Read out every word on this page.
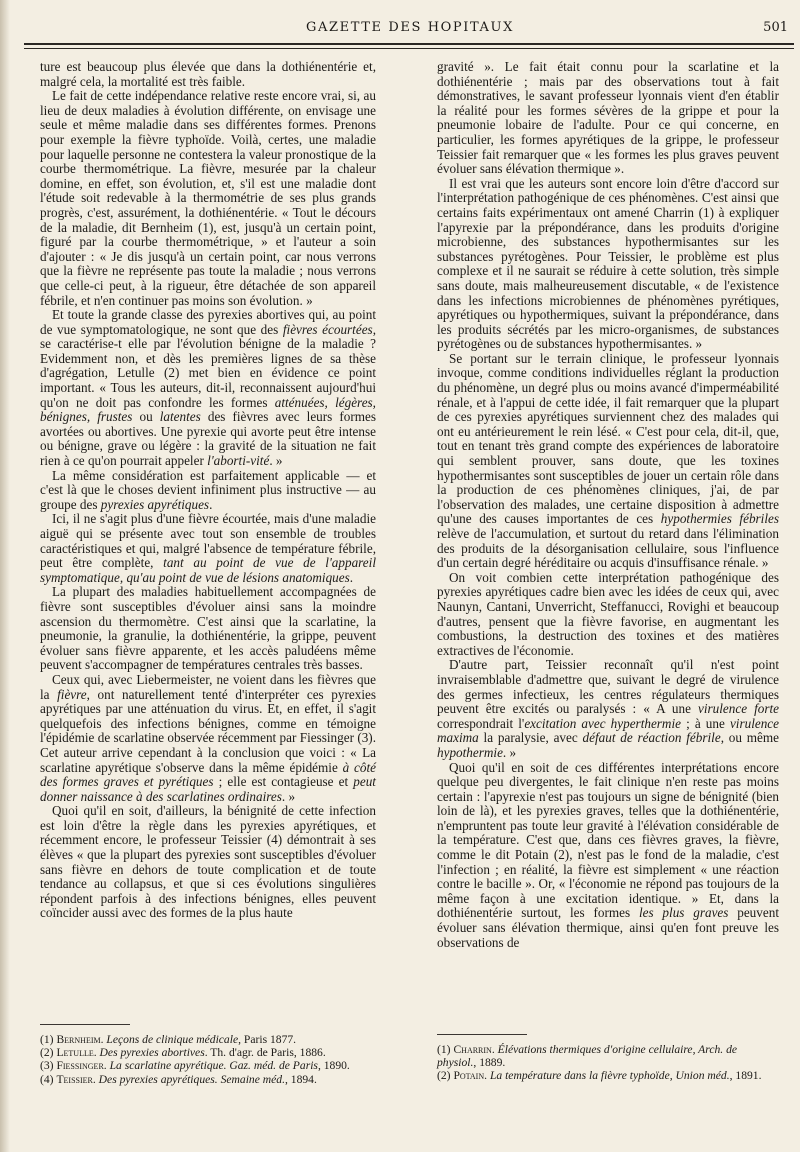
GAZETTE DES HOPITAUX	501

ture est beaucoup plus élevée que dans la dothiénentérie et, malgré cela, la mortalité est très faible.

Le fait de cette indépendance relative reste encore vrai, si, au lieu de deux maladies à évolution différente, on envisage une seule et même maladie dans ses différentes formes. Prenons pour exemple la fièvre typhoïde. Voilà, certes, une maladie pour laquelle personne ne contestera la valeur pronostique de la courbe thermométrique. La fièvre, mesurée par la chaleur domine, en effet, son évolution, et, s'il est une maladie dont l'étude soit redevable à la thermométrie de ses plus grands progrès, c'est, assurément, la dothiénentérie. « Tout le décours de la maladie, dit Bernheim (1), est, jusqu'à un certain point, figuré par la courbe thermométrique, » et l'auteur a soin d'ajouter : « Je dis jusqu'à un certain point, car nous verrons que la fièvre ne représente pas toute la maladie ; nous verrons que celle-ci peut, à la rigueur, être détachée de son appareil fébrile, et n'en continuer pas moins son évolution. »

Et toute la grande classe des pyrexies abortives qui, au point de vue symptomatologique, ne sont que des fièvres écourtées, se caractérise-t elle par l'évolution bénigne de la maladie ? Evidemment non, et dès les premières lignes de sa thèse d'agrégation, Letulle (2) met bien en évidence ce point important. « Tous les auteurs, dit-il, reconnaissent aujourd'hui qu'on ne doit pas confondre les formes atténuées, légères, bénignes, frustes ou latentes des fièvres avec leurs formes avortées ou abortives. Une pyrexie qui avorte peut être intense ou bénigne, grave ou légère : la gravité de la situation ne fait rien à ce qu'on pourrait appeler l'aborti-vité. »

La même considération est parfaitement applicable — et c'est là que le choses devient infiniment plus instructive — au groupe des pyrexies apyrétiques.

Ici, il ne s'agit plus d'une fièvre écourtée, mais d'une maladie aiguë qui se présente avec tout son ensemble de troubles caractéristiques et qui, malgré l'absence de température fébrile, peut être complète, tant au point de vue de l'appareil symptomatique, qu'au point de vue de lésions anatomiques.

La plupart des maladies habituellement accompagnées de fièvre sont susceptibles d'évoluer ainsi sans la moindre ascension du thermomètre. C'est ainsi que la scarlatine, la pneumonie, la granulie, la dothiénentérie, la grippe, peuvent évoluer sans fièvre apparente, et les accès paludéens même peuvent s'accompagner de températures centrales très basses.

Ceux qui, avec Liebermeister, ne voient dans les fièvres que la fièvre, ont naturellement tenté d'interpréter ces pyrexies apyrétiques par une atténuation du virus. Et, en effet, il s'agit quelquefois des infections bénignes, comme en témoigne l'épidémie de scarlatine observée récemment par Fiessinger (3). Cet auteur arrive cependant à la conclusion que voici : « La scarlatine apyrétique s'observe dans la même épidémie à côté des formes graves et pyrétiques ; elle est contagieuse et peut donner naissance à des scarlatines ordinaires. »

Quoi qu'il en soit, d'ailleurs, la bénignité de cette infection est loin d'être la règle dans les pyrexies apyrétiques, et récemment encore, le professeur Teissier (4) démontrait à ses élèves « que la plupart des pyrexies sont susceptibles d'évoluer sans fièvre en dehors de toute complication et de toute tendance au collapsus, et que si ces évolutions singulières répondent parfois à des infections bénignes, elles peuvent coïncider aussi avec des formes de la plus haute

gravité ». Le fait était connu pour la scarlatine et la dothiénentérie ; mais par des observations tout à fait démonstratives, le savant professeur lyonnais vient d'en établir la réalité pour les formes sévères de la grippe et pour la pneumonie lobaire de l'adulte. Pour ce qui concerne, en particulier, les formes apyrétiques de la grippe, le professeur Teissier fait remarquer que « les formes les plus graves peuvent évoluer sans élévation thermique ».

Il est vrai que les auteurs sont encore loin d'être d'accord sur l'interprétation pathogénique de ces phénomènes. C'est ainsi que certains faits expérimentaux ont amené Charrin (1) à expliquer l'apyrexie par la prépondérance, dans les produits d'origine microbienne, des substances hypothermisantes sur les substances pyrétogènes. Pour Teissier, le problème est plus complexe et il ne saurait se réduire à cette solution, très simple sans doute, mais malheureusement discutable, « de l'existence dans les infections microbiennes de phénomènes pyrétiques, apyrétiques ou hypothermiques, suivant la prépondérance, dans les produits sécrétés par les micro-organismes, de substances pyrétogènes ou de substances hypothermisantes. »

Se portant sur le terrain clinique, le professeur lyonnais invoque, comme conditions individuelles réglant la production du phénomène, un degré plus ou moins avancé d'imperméabilité rénale, et à l'appui de cette idée, il fait remarquer que la plupart de ces pyrexies apyrétiques surviennent chez des malades qui ont eu antérieurement le rein lésé. « C'est pour cela, dit-il, que, tout en tenant très grand compte des expériences de laboratoire qui semblent prouver, sans doute, que les toxines hypothermisantes sont susceptibles de jouer un certain rôle dans la production de ces phénomènes cliniques, j'ai, de par l'observation des malades, une certaine disposition à admettre qu'une des causes importantes de ces hypothermies fébriles relève de l'accumulation, et surtout du retard dans l'élimination des produits de la désorganisation cellulaire, sous l'influence d'un certain degré héréditaire ou acquis d'insuffisance rénale. »

On voit combien cette interprétation pathogénique des pyrexies apyrétiques cadre bien avec les idées de ceux qui, avec Naunyn, Cantani, Unverricht, Steffanucci, Rovighi et beaucoup d'autres, pensent que la fièvre favorise, en augmentant les combustions, la destruction des toxines et des matières extractives de l'économie.

D'autre part, Teissier reconnaît qu'il n'est point invraisemblable d'admettre que, suivant le degré de virulence des germes infectieux, les centres régulateurs thermiques peuvent être excités ou paralysés : « A une virulence forte correspondrait l'excitation avec hyperthermie ; à une virulence maxima la paralysie, avec défaut de réaction fébrile, ou même hypothermie. »

Quoi qu'il en soit de ces différentes interprétations encore quelque peu divergentes, le fait clinique n'en reste pas moins certain : l'apyrexie n'est pas toujours un signe de bénignité (bien loin de là), et les pyrexies graves, telles que la dothiénentérie, n'empruntent pas toute leur gravité à l'élévation considérable de la température. C'est que, dans ces fièvres graves, la fièvre, comme le dit Potain (2), n'est pas le fond de la maladie, c'est l'infection ; en réalité, la fièvre est simplement « une réaction contre le bacille ». Or, « l'économie ne répond pas toujours de la même façon à une excitation identique. » Et, dans la dothiénentérie surtout, les formes les plus graves peuvent évoluer sans élévation thermique, ainsi qu'en font preuve les observations de

(1) Bernheim. Leçons de clinique médicale, Paris 1877.
(2) Letulle. Des pyrexies abortives. Th. d'agr. de Paris, 1886.
(3) Fiessinger. La scarlatine apyrétique. Gaz. méd. de Paris, 1890.
(4) Teissier. Des pyrexies apyrétiques. Semaine méd., 1894.
(1) Charrin. Élévations thermiques d'origine cellulaire, Arch. de physiol., 1889.
(2) Potain. La température dans la fièvre typhoïde, Union méd., 1891.
